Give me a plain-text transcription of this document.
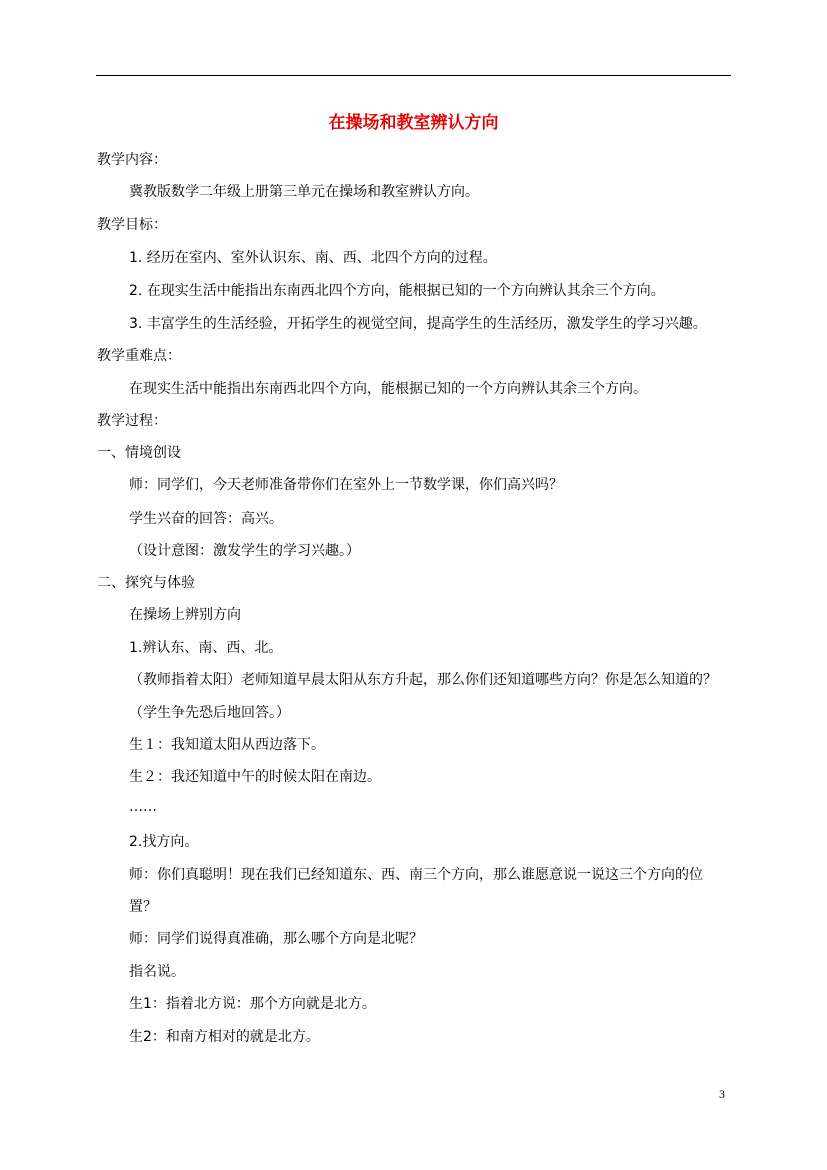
在操场和教室辨认方向
教学内容：
冀教版数学二年级上册第三单元在操场和教室辨认方向。
教学目标：
1. 经历在室内、室外认识东、南、西、北四个方向的过程。
2. 在现实生活中能指出东南西北四个方向，能根据已知的一个方向辨认其余三个方向。
3. 丰富学生的生活经验，开拓学生的视觉空间，提高学生的生活经历，激发学生的学习兴趣。
教学重难点：
在现实生活中能指出东南西北四个方向，能根据已知的一个方向辨认其余三个方向。
教学过程：
一、情境创设
师：同学们，今天老师准备带你们在室外上一节数学课，你们高兴吗？
学生兴奋的回答：高兴。
（设计意图：激发学生的学习兴趣。）
二、探究与体验
在操场上辨别方向
1.辨认东、南、西、北。
（教师指着太阳）老师知道早晨太阳从东方升起，那么你们还知道哪些方向？你是怎么知道的？
（学生争先恐后地回答。）
生１：我知道太阳从西边落下。
生２：我还知道中午的时候太阳在南边。
……
2.找方向。
师：你们真聪明！现在我们已经知道东、西、南三个方向，那么谁愿意说一说这三个方向的位
置？
师：同学们说得真准确，那么哪个方向是北呢？
指名说。
生1：指着北方说：那个方向就是北方。
生2：和南方相对的就是北方。
3
